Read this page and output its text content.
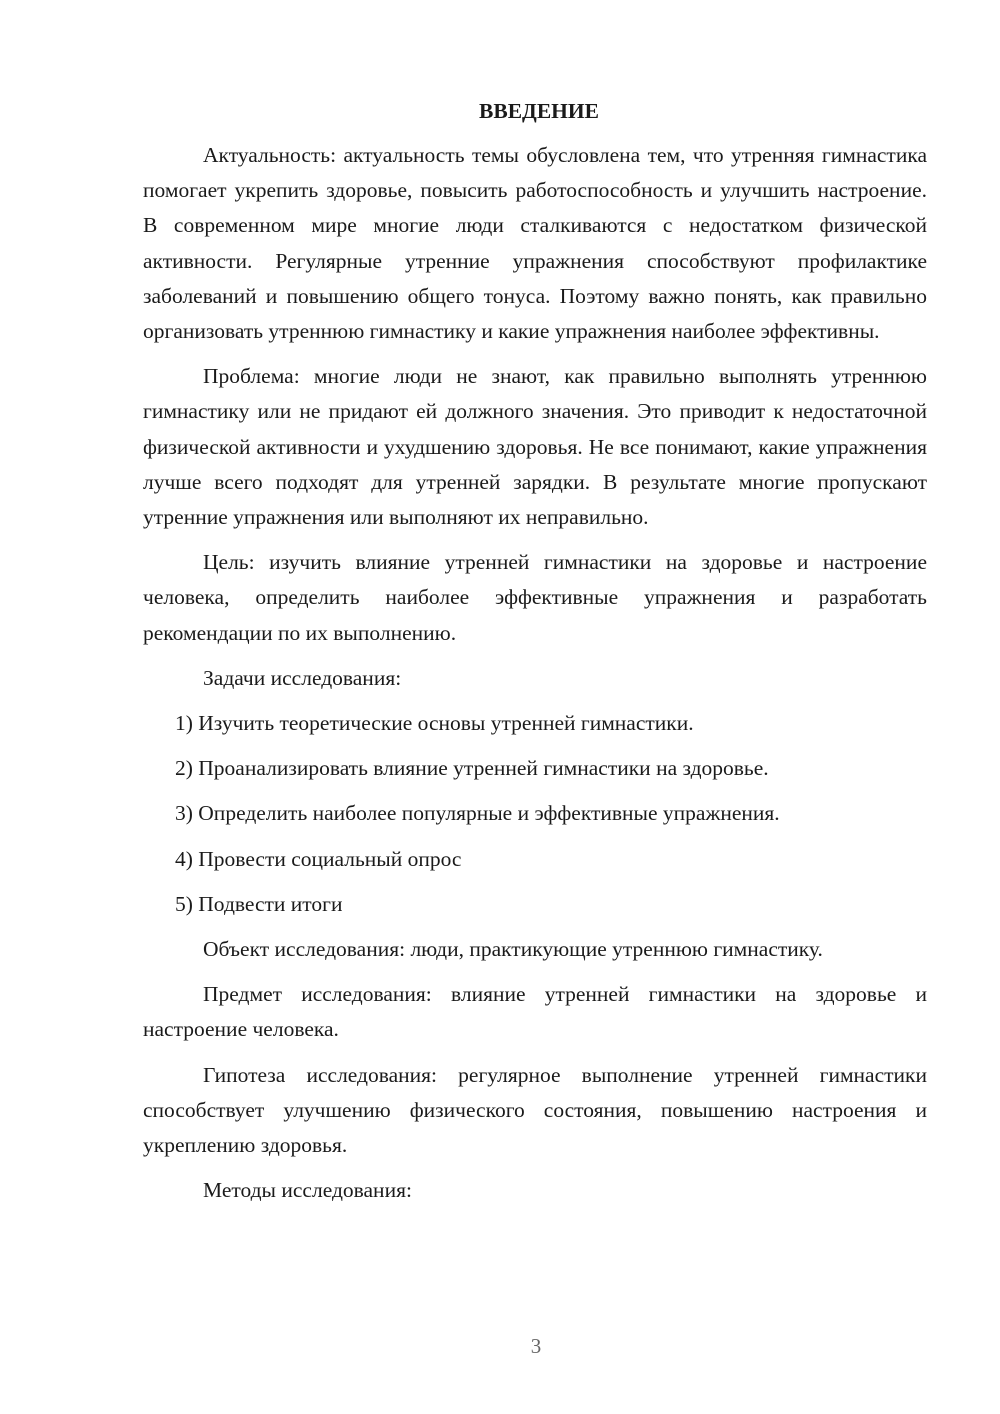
ВВЕДЕНИЕ

Актуальность: актуальность темы обусловлена тем, что утренняя гимнастика помогает укрепить здоровье, повысить работоспособность и улучшить настроение. В современном мире многие люди сталкиваются с недостатком физической активности. Регулярные утренние упражнения способствуют профилактике заболеваний и повышению общего тонуса. Поэтому важно понять, как правильно организовать утреннюю гимнастику и какие упражнения наиболее эффективны.

Проблема: многие люди не знают, как правильно выполнять утреннюю гимнастику или не придают ей должного значения. Это приводит к недостаточной физической активности и ухудшению здоровья. Не все понимают, какие упражнения лучше всего подходят для утренней зарядки. В результате многие пропускают утренние упражнения или выполняют их неправильно.

Цель: изучить влияние утренней гимнастики на здоровье и настроение человека, определить наиболее эффективные упражнения и разработать рекомендации по их выполнению.

Задачи исследования:

1) Изучить теоретические основы утренней гимнастики.
2) Проанализировать влияние утренней гимнастики на здоровье.
3) Определить наиболее популярные и эффективные упражнения.
4) Провести социальный опрос
5) Подвести итоги

Объект исследования: люди, практикующие утреннюю гимнастику.

Предмет исследования: влияние утренней гимнастики на здоровье и настроение человека.

Гипотеза исследования: регулярное выполнение утренней гимнастики способствует улучшению физического состояния, повышению настроения и укреплению здоровья.

Методы исследования:

3
